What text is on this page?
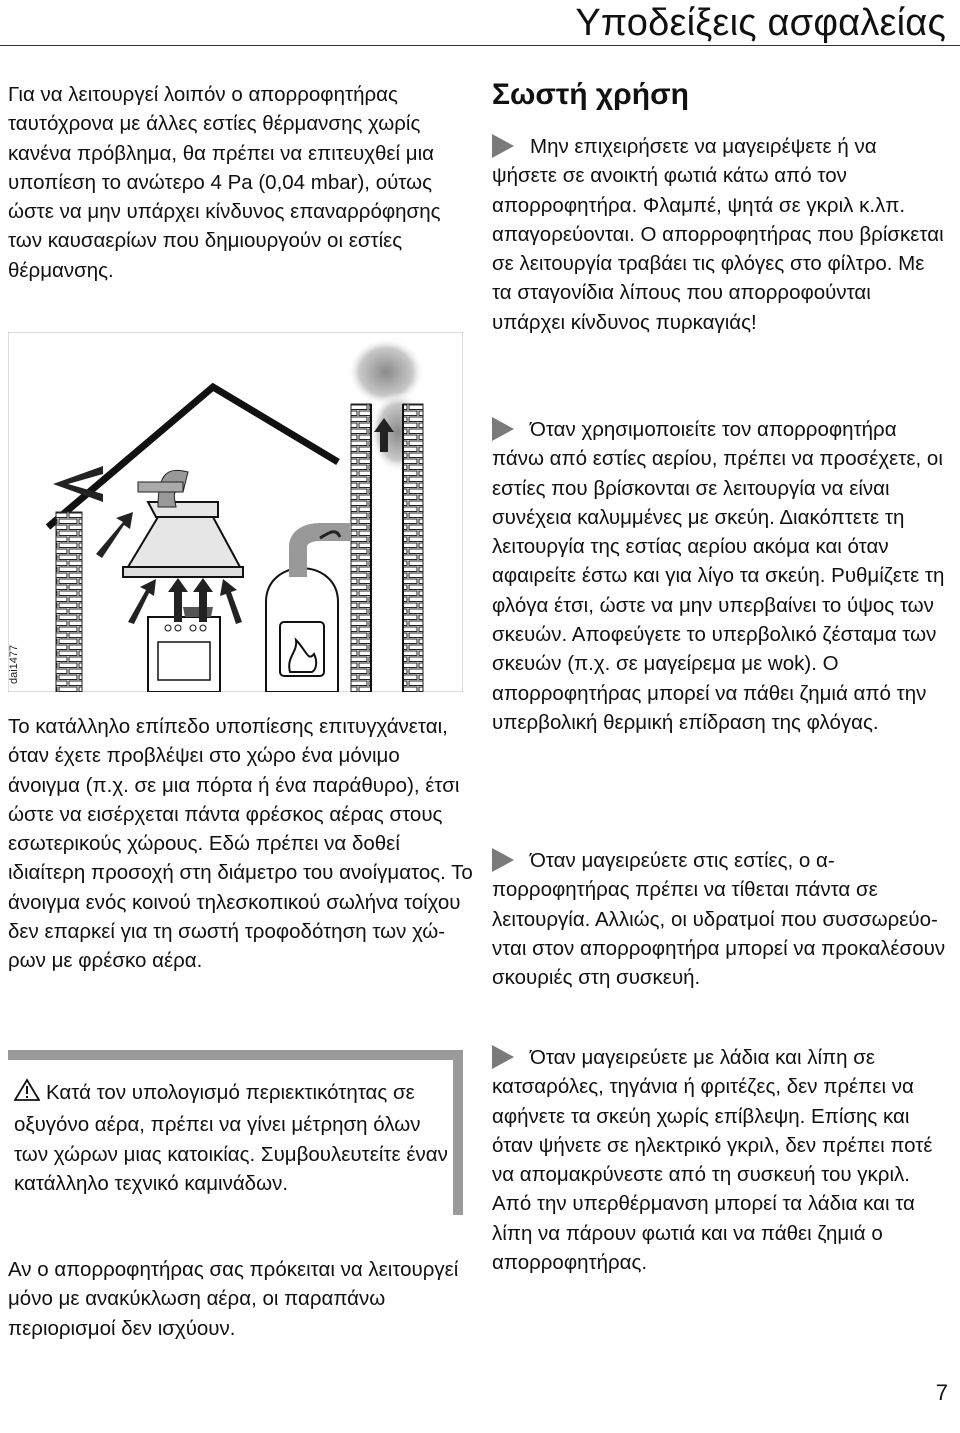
Υποδείξεις ασφαλείας
Για να λειτουργεί λοιπόν ο απορροφητήρας ταυτόχρονα με άλλες εστίες θέρμανσης χωρίς κανένα πρόβλημα, θα πρέπει να επιτευχθεί μια υποπίεση το ανώτερο 4 Pa (0,04 mbar), ούτως ώστε να μην υπάρχει κίνδυνος επαναρρόφησης των καυσαερίων που δημιουργούν οι εστίες θέρμανσης.
dai1477
Το κατάλληλο επίπεδο υποπίεσης επιτυγχάνεται, όταν έχετε προβλέψει στο χώρο ένα μόνιμο άνοιγμα (π.χ. σε μια πόρτα ή ένα παράθυρο), έτσι ώστε να εισέρχεται πάντα φρέσκος αέρας στους εσωτερικούς χώρους. Εδώ πρέπει να δοθεί ιδιαίτερη προσοχή στη διάμετρο του ανοίγματος. Το άνοιγμα ενός κοινού τηλεσκοπικού σωλήνα τοίχου δεν επαρκεί για τη σωστή τροφοδότηση των χώρων με φρέσκο αέρα.
Κατά τον υπολογισμό περιεκτικότητας σε οξυγόνο αέρα, πρέπει να γίνει μέτρηση όλων των χώρων μιας κατοικίας. Συμβουλευτείτε έναν κατάλληλο τεχνικό καμινάδων.
Αν ο απορροφητήρας σας πρόκειται να λειτουργεί μόνο με ανακύκλωση αέρα, οι παραπάνω περιορισμοί δεν ισχύουν.
Σωστή χρήση

Μην επιχειρήσετε να μαγειρέψετε ή να ψήσετε σε ανοικτή φωτιά κάτω από τον απορροφητήρα. Φλαμπέ, ψητά σε γκριλ κ.λπ. απαγορεύονται. Ο απορροφητήρας που βρίσκεται σε λειτουργία τραβάει τις φλόγες στο φίλτρο. Με τα σταγονίδια λίπους που απορροφούνται υπάρχει κίνδυνος πυρκαγιάς!

Όταν χρησιμοποιείτε τον απορροφητήρα πάνω από εστίες αερίου, πρέπει να προσέχετε, οι εστίες που βρίσκονται σε λειτουργία να είναι συνέχεια καλυμμένες με σκεύη. Διακόπτετε τη λειτουργία της εστίας αερίου ακόμα και όταν αφαιρείτε έστω και για λίγο τα σκεύη. Ρυθμίζετε τη φλόγα έτσι, ώστε να μην υπερβαίνει το ύψος των σκευών. Αποφεύγετε το υπερβολικό ζέσταμα των σκευών (π.χ. σε μαγείρεμα με wok). Ο απορροφητήρας μπορεί να πάθει ζημιά από την υπερβολική θερμική επίδραση της φλόγας.

Όταν μαγειρεύετε στις εστίες, ο απορροφητήρας πρέπει να τίθεται πάντα σε λειτουργία. Αλλιώς, οι υδρατμοί που συσσωρεύονται στον απορροφητήρα μπορεί να προκαλέσουν σκουριές στη συσκευή.

Όταν μαγειρεύετε με λάδια και λίπη σε κατσαρόλες, τηγάνια ή φριτέζες, δεν πρέπει να αφήνετε τα σκεύη χωρίς επίβλεψη. Επίσης και όταν ψήνετε σε ηλεκτρικό γκριλ, δεν πρέπει ποτέ να απομακρύνεστε από τη συσκευή του γκριλ. Από την υπερθέρμανση μπορεί τα λάδια και τα λίπη να πάρουν φωτιά και να πάθει ζημιά ο απορροφητήρας.

7
